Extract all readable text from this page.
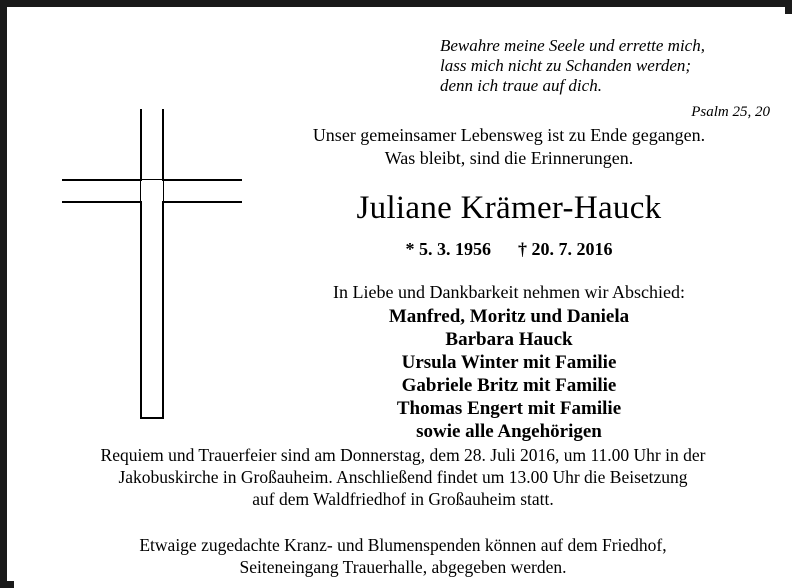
Bewahre meine Seele und errette mich,
lass mich nicht zu Schanden werden;
denn ich traue auf dich.
Psalm 25, 20
Unser gemeinsamer Lebensweg ist zu Ende gegangen.
Was bleibt, sind die Erinnerungen.
Juliane Krämer-Hauck
* 5. 3. 1956 † 20. 7. 2016
In Liebe und Dankbarkeit nehmen wir Abschied:
Manfred, Moritz und Daniela
Barbara Hauck
Ursula Winter mit Familie
Gabriele Britz mit Familie
Thomas Engert mit Familie
sowie alle Angehörigen
Requiem und Trauerfeier sind am Donnerstag, dem 28. Juli 2016, um 11.00 Uhr in der
Jakobuskirche in Großauheim. Anschließend findet um 13.00 Uhr die Beisetzung
auf dem Waldfriedhof in Großauheim statt.
Etwaige zugedachte Kranz- und Blumenspenden können auf dem Friedhof,
Seiteneingang Trauerhalle, abgegeben werden.
